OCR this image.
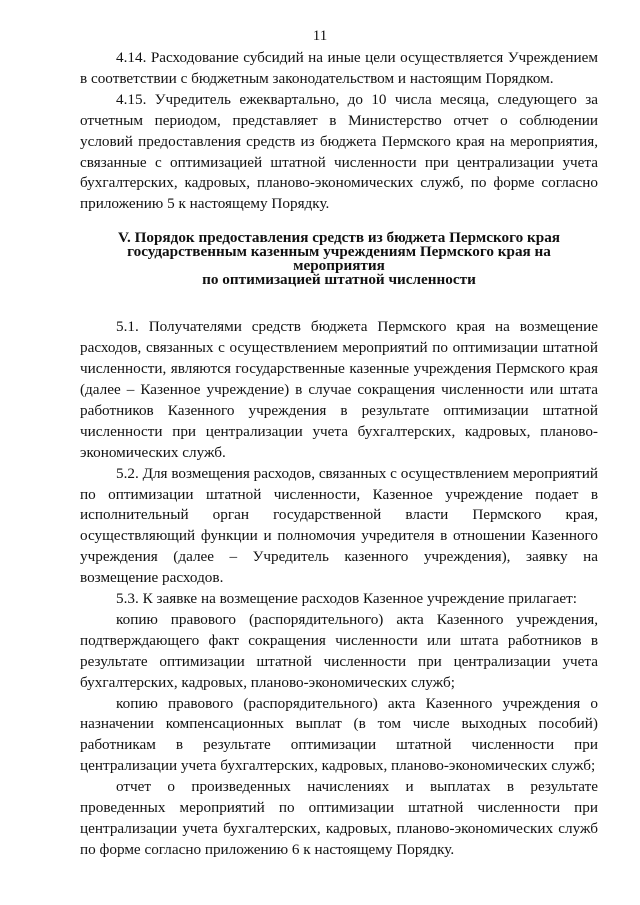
11

4.14. Расходование субсидий на иные цели осуществляется Учреждением в соответствии с бюджетным законодательством и настоящим Порядком.

4.15. Учредитель ежеквартально, до 10 числа месяца, следующего за отчетным периодом, представляет в Министерство отчет о соблюдении условий предоставления средств из бюджета Пермского края на мероприятия, связанные с оптимизацией штатной численности при централизации учета бухгалтерских, кадровых, планово-экономических служб, по форме согласно приложению 5 к настоящему Порядку.

V. Порядок предоставления средств из бюджета Пермского края
государственным казенным учреждениям Пермского края на мероприятия
по оптимизацией штатной численности

5.1. Получателями средств бюджета Пермского края на возмещение расходов, связанных с осуществлением мероприятий по оптимизации штатной численности, являются государственные казенные учреждения Пермского края (далее – Казенное учреждение) в случае сокращения численности или штата работников Казенного учреждения в результате оптимизации штатной численности при централизации учета бухгалтерских, кадровых, планово-экономических служб.

5.2. Для возмещения расходов, связанных с осуществлением мероприятий по оптимизации штатной численности, Казенное учреждение подает в исполнительный орган государственной власти Пермского края, осуществляющий функции и полномочия учредителя в отношении Казенного учреждения (далее – Учредитель казенного учреждения), заявку на возмещение расходов.

5.3. К заявке на возмещение расходов Казенное учреждение прилагает:

копию правового (распорядительного) акта Казенного учреждения, подтверждающего факт сокращения численности или штата работников в результате оптимизации штатной численности при централизации учета бухгалтерских, кадровых, планово-экономических служб;

копию правового (распорядительного) акта Казенного учреждения о назначении компенсационных выплат (в том числе выходных пособий) работникам в результате оптимизации штатной численности при централизации учета бухгалтерских, кадровых, планово-экономических служб;

отчет о произведенных начислениях и выплатах в результате проведенных мероприятий по оптимизации штатной численности при централизации учета бухгалтерских, кадровых, планово-экономических служб по форме согласно приложению 6 к настоящему Порядку.
